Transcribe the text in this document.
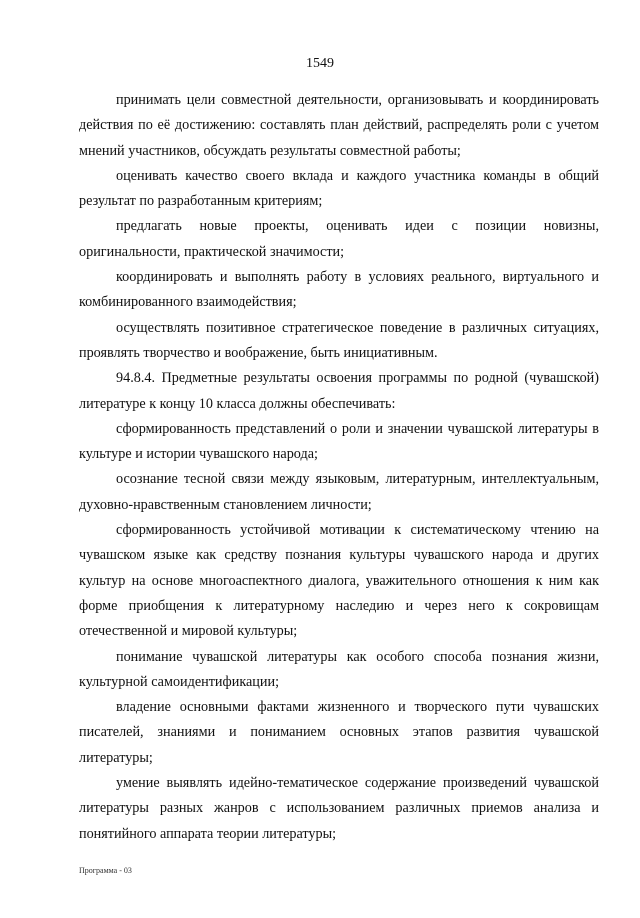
1549

принимать цели совместной деятельности, организовывать и координировать действия по её достижению: составлять план действий, распределять роли с учетом мнений участников, обсуждать результаты совместной работы;

оценивать качество своего вклада и каждого участника команды в общий результат по разработанным критериям;

предлагать новые проекты, оценивать идеи с позиции новизны, оригинальности, практической значимости;

координировать и выполнять работу в условиях реального, виртуального и комбинированного взаимодействия;

осуществлять позитивное стратегическое поведение в различных ситуациях, проявлять творчество и воображение, быть инициативным.

94.8.4. Предметные результаты освоения программы по родной (чувашской) литературе к концу 10 класса должны обеспечивать:

сформированность представлений о роли и значении чувашской литературы в культуре и истории чувашского народа;

осознание тесной связи между языковым, литературным, интеллектуальным, духовно-нравственным становлением личности;

сформированность устойчивой мотивации к систематическому чтению на чувашском языке как средству познания культуры чувашского народа и других культур на основе многоаспектного диалога, уважительного отношения к ним как форме приобщения к литературному наследию и через него к сокровищам отечественной и мировой культуры;

понимание чувашской литературы как особого способа познания жизни, культурной самоидентификации;

владение основными фактами жизненного и творческого пути чувашских писателей, знаниями и пониманием основных этапов развития чувашской литературы;

умение выявлять идейно-тематическое содержание произведений чувашской литературы разных жанров с использованием различных приемов анализа и понятийного аппарата теории литературы;

Программа - 03
